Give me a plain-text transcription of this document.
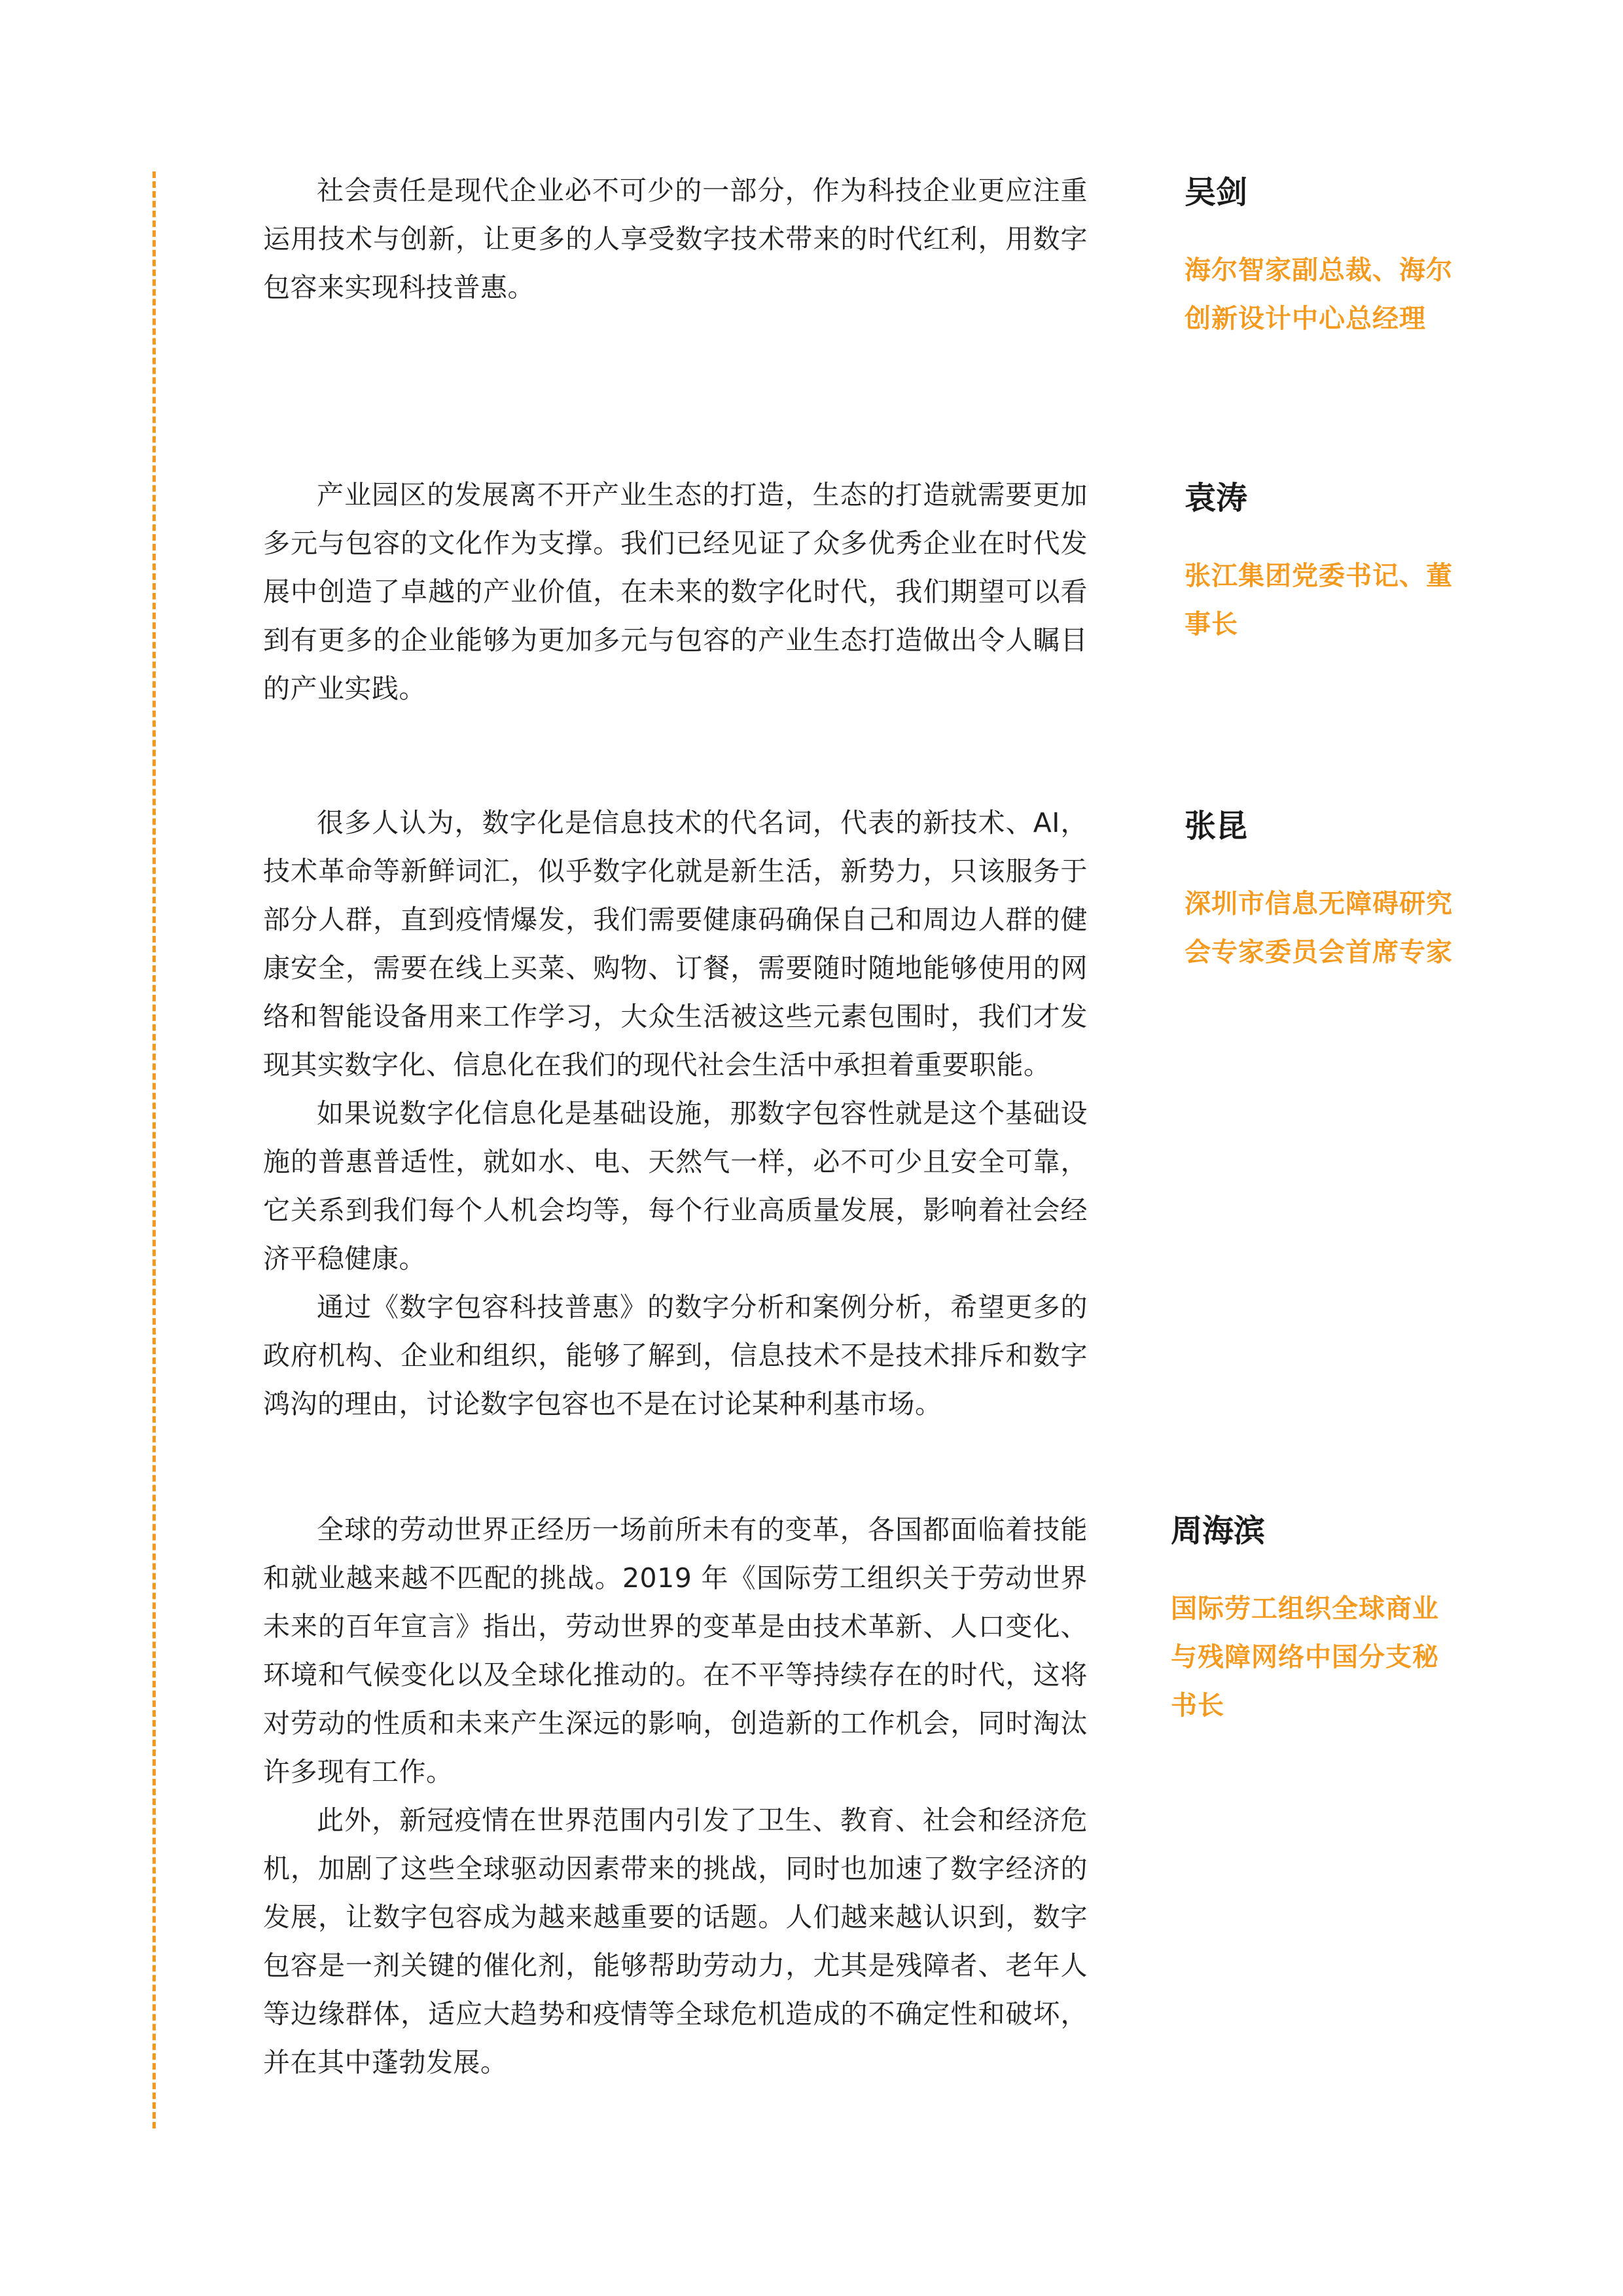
社会责任是现代企业必不可少的一部分，作为科技企业更应注重运用技术与创新，让更多的人享受数字技术带来的时代红利，用数字包容来实现科技普惠。

吴剑
海尔智家副总裁、海尔创新设计中心总经理

产业园区的发展离不开产业生态的打造，生态的打造就需要更加多元与包容的文化作为支撑。我们已经见证了众多优秀企业在时代发展中创造了卓越的产业价值，在未来的数字化时代，我们期望可以看到有更多的企业能够为更加多元与包容的产业生态打造做出令人瞩目的产业实践。

袁涛
张江集团党委书记、董事长

很多人认为，数字化是信息技术的代名词，代表的新技术、AI，技术革命等新鲜词汇，似乎数字化就是新生活，新势力，只该服务于部分人群，直到疫情爆发，我们需要健康码确保自己和周边人群的健康安全，需要在线上买菜、购物、订餐，需要随时随地能够使用的网络和智能设备用来工作学习，大众生活被这些元素包围时，我们才发现其实数字化、信息化在我们的现代社会生活中承担着重要职能。

如果说数字化信息化是基础设施，那数字包容性就是这个基础设施的普惠普适性，就如水、电、天然气一样，必不可少且安全可靠，它关系到我们每个人机会均等，每个行业高质量发展，影响着社会经济平稳健康。

通过《数字包容科技普惠》的数字分析和案例分析，希望更多的政府机构、企业和组织，能够了解到，信息技术不是技术排斥和数字鸿沟的理由，讨论数字包容也不是在讨论某种利基市场。

张昆
深圳市信息无障碍研究会专家委员会首席专家

全球的劳动世界正经历一场前所未有的变革，各国都面临着技能和就业越来越不匹配的挑战。2019 年《国际劳工组织关于劳动世界未来的百年宣言》指出，劳动世界的变革是由技术革新、人口变化、环境和气候变化以及全球化推动的。在不平等持续存在的时代，这将对劳动的性质和未来产生深远的影响，创造新的工作机会，同时淘汰许多现有工作。

此外，新冠疫情在世界范围内引发了卫生、教育、社会和经济危机，加剧了这些全球驱动因素带来的挑战，同时也加速了数字经济的发展，让数字包容成为越来越重要的话题。人们越来越认识到，数字包容是一剂关键的催化剂，能够帮助劳动力，尤其是残障者、老年人等边缘群体，适应大趋势和疫情等全球危机造成的不确定性和破坏，并在其中蓬勃发展。

周海滨
国际劳工组织全球商业与残障网络中国分支秘书长
